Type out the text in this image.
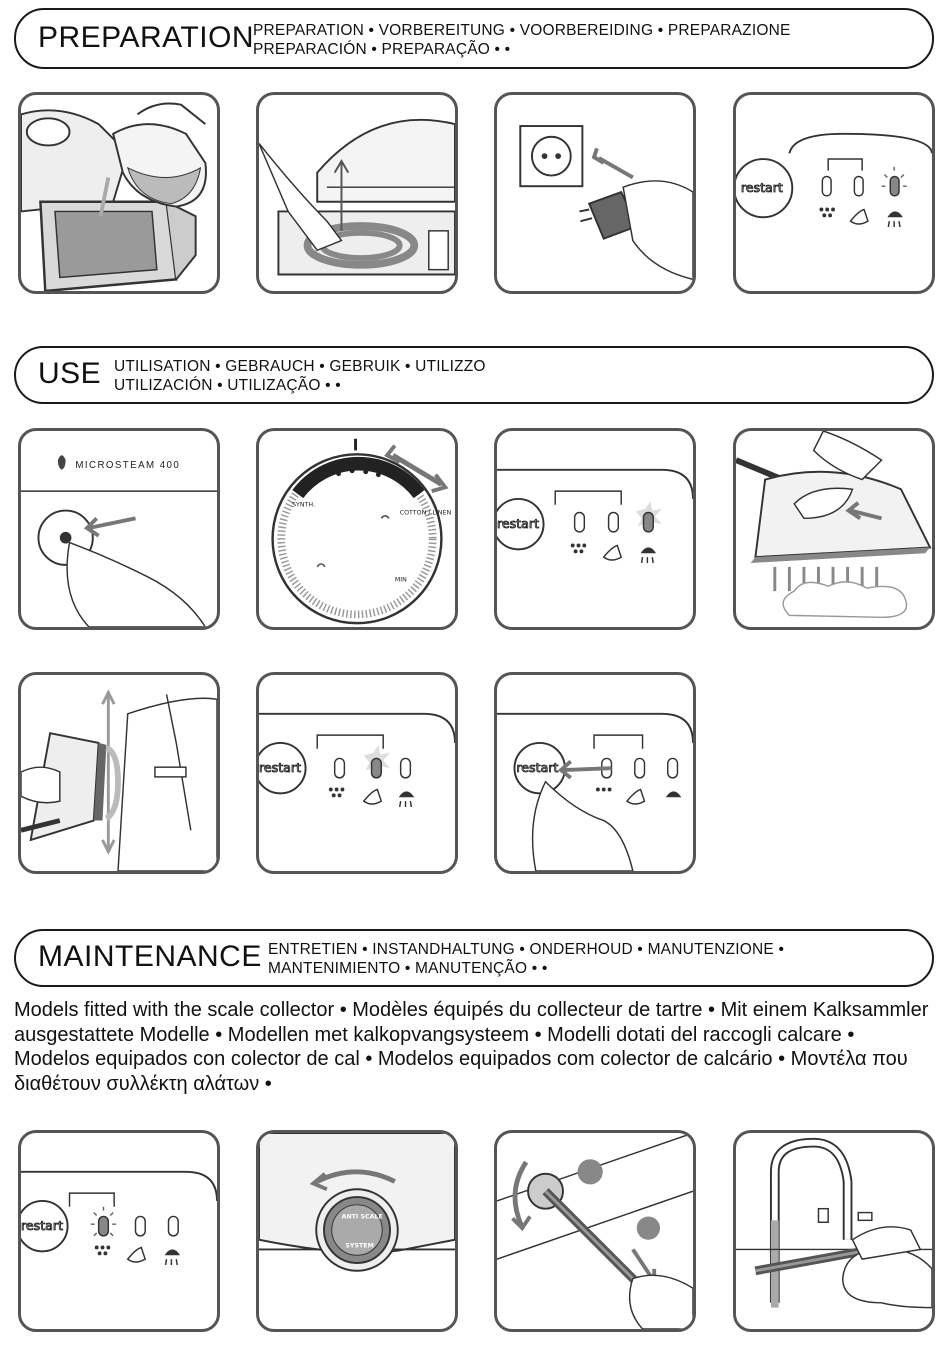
PREPARATION
PREPARATION • VORBEREITUNG • VOORBEREIDING • PREPARAZIONE
PREPARACIÓN • PREPARAÇÃO • •
restart
USE UTILISATION • GEBRAUCH • GEBRUIK • UTILIZZO
UTILIZACIÓN • UTILIZAÇÃO • •
MICROSTEAM 400
SILK / WOOL
SYNTH.
COTTON / LINEN
MIN
restart
restart	restart
MAINTENANCE ENTRETIEN • INSTANDHALTUNG • ONDERHOUD • MANUTENZIONE •
MANTENIMIENTO • MANUTENÇÃO • •
Models fitted with the scale collector • Modèles équipés du collecteur de tartre • Mit einem Kalksammler ausgestattete Modelle • Modellen met kalkopvangsysteem • Modelli dotati del raccogli calcare • Modelos equipados con colector de cal • Modelos equipados com colector de calcário • Μοντέλα που διαθέτουν συλλέκτη αλάτων •
restart
ANTI SCALE
SYSTEM
